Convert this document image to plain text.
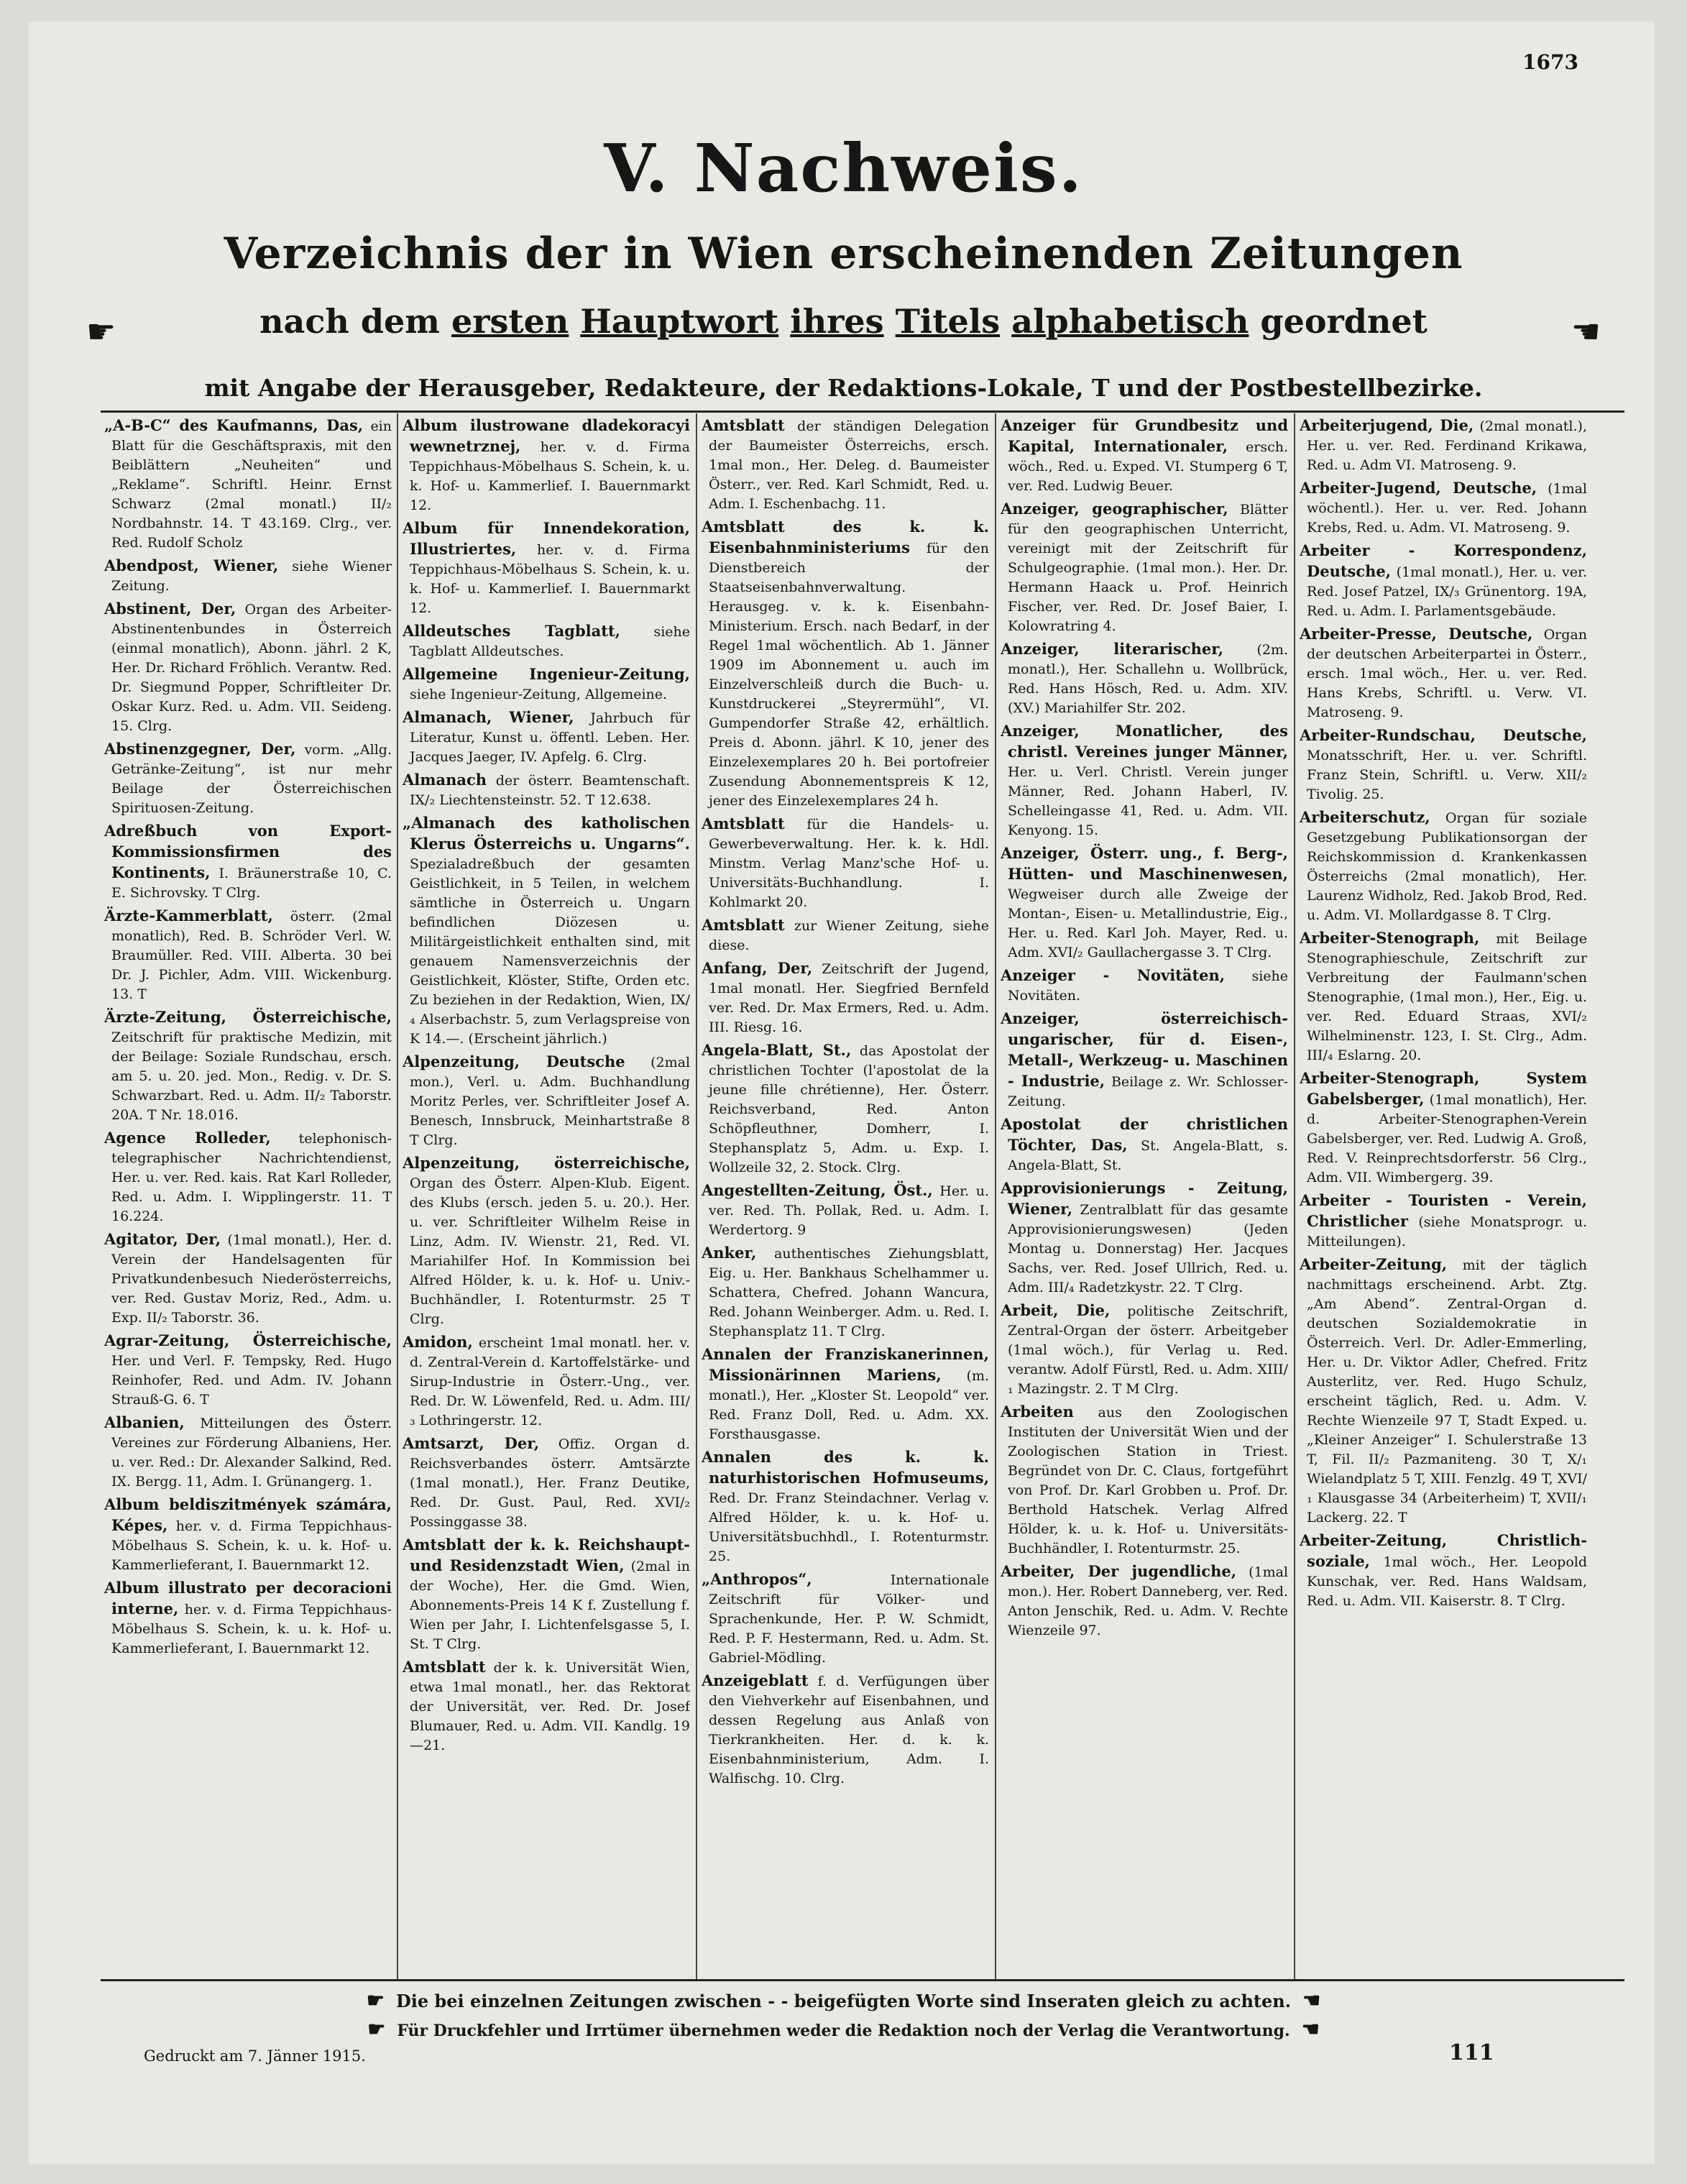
1673
V. Nachweis.
Verzeichnis der in Wien erscheinenden Zeitungen
☛	nach dem ersten Hauptwort ihres Titels alphabetisch geordnet	☚
mit Angabe der Herausgeber, Redakteure, der Redaktions-Lokale, T und der Postbestellbezirke.

„A-B-C“ des Kaufmanns, Das, ein Blatt für die Geschäftspraxis, mit den Beiblättern „Neuheiten“ und „Reklame“. Schriftl. Heinr. Ernst Schwarz (2mal monatl.) II/₂ Nordbahnstr. 14. T 43.169. Clrg., ver. Red. Rudolf Scholz

Abendpost, Wiener, siehe Wiener Zeitung.

Abstinent, Der, Organ des Arbeiter-Abstinentenbundes in Österreich (einmal monatlich), Abonn. jährl. 2 K, Her. Dr. Richard Fröhlich. Verantw. Red. Dr. Siegmund Popper, Schriftleiter Dr. Oskar Kurz. Red. u. Adm. VII. Seideng. 15. Clrg.

Abstinenzgegner, Der, vorm. „Allg. Getränke-Zeitung“, ist nur mehr Beilage der Österreichischen Spirituosen-Zeitung.

Adreßbuch von Export-Kommissionsfirmen des Kontinents, I. Bräunerstraße 10, C. E. Sichrovsky. T Clrg.

Ärzte-Kammerblatt, österr. (2mal monatlich), Red. B. Schröder Verl. W. Braumüller. Red. VIII. Alberta. 30 bei Dr. J. Pichler, Adm. VIII. Wickenburg. 13. T

Ärzte-Zeitung, Österreichische, Zeitschrift für praktische Medizin, mit der Beilage: Soziale Rundschau, ersch. am 5. u. 20. jed. Mon., Redig. v. Dr. S. Schwarzbart. Red. u. Adm. II/₂ Taborstr. 20A. T Nr. 18.016.

Agence Rolleder, telephonisch-telegraphischer Nachrichtendienst, Her. u. ver. Red. kais. Rat Karl Rolleder, Red. u. Adm. I. Wipplingerstr. 11. T 16.224.

Agitator, Der, (1mal monatl.), Her. d. Verein der Handelsagenten für Privatkundenbesuch Niederösterreichs, ver. Red. Gustav Moriz, Red., Adm. u. Exp. II/₂ Taborstr. 36.

Agrar-Zeitung, Österreichische, Her. und Verl. F. Tempsky, Red. Hugo Reinhofer, Red. und Adm. IV. Johann Strauß-G. 6. T

Albanien, Mitteilungen des Österr. Vereines zur Förderung Albaniens, Her. u. ver. Red.: Dr. Alexander Salkind, Red. IX. Bergg. 11, Adm. I. Grünangerg. 1.

Album beldiszitmények számára, Képes, her. v. d. Firma Teppichhaus-Möbelhaus S. Schein, k. u. k. Hof- u. Kammerlieferant, I. Bauernmarkt 12.

Album illustrato per decoracioni interne, her. v. d. Firma Teppichhaus-Möbelhaus S. Schein, k. u. k. Hof- u. Kammerlieferant, I. Bauernmarkt 12.

Album ilustrowane dladekoracyi wewnetrznej, her. v. d. Firma Teppichhaus-Möbelhaus S. Schein, k. u. k. Hof- u. Kammerlief. I. Bauernmarkt 12.

Album für Innendekoration, Illustriertes, her. v. d. Firma Teppichhaus-Möbelhaus S. Schein, k. u. k. Hof- u. Kammerlief. I. Bauernmarkt 12.

Alldeutsches Tagblatt, siehe Tagblatt Alldeutsches.

Allgemeine Ingenieur-Zeitung, siehe Ingenieur-Zeitung, Allgemeine.

Almanach, Wiener, Jahrbuch für Literatur, Kunst u. öffentl. Leben. Her. Jacques Jaeger, IV. Apfelg. 6. Clrg.

Almanach der österr. Beamtenschaft. IX/₂ Liechtensteinstr. 52. T 12.638.

„Almanach des katholischen Klerus Österreichs u. Ungarns“. Spezialadreßbuch der gesamten Geistlichkeit, in 5 Teilen, in welchem sämtliche in Österreich u. Ungarn befindlichen Diözesen u. Militärgeistlichkeit enthalten sind, mit genauem Namensverzeichnis der Geistlichkeit, Klöster, Stifte, Orden etc. Zu beziehen in der Redaktion, Wien, IX/₄ Alserbachstr. 5, zum Verlagspreise von K 14.—. (Erscheint jährlich.)

Alpenzeitung, Deutsche (2mal mon.), Verl. u. Adm. Buchhandlung Moritz Perles, ver. Schriftleiter Josef A. Benesch, Innsbruck, Meinhartstraße 8 T Clrg.

Alpenzeitung, österreichische, Organ des Österr. Alpen-Klub. Eigent. des Klubs (ersch. jeden 5. u. 20.). Her. u. ver. Schriftleiter Wilhelm Reise in Linz, Adm. IV. Wienstr. 21, Red. VI. Mariahilfer Hof. In Kommission bei Alfred Hölder, k. u. k. Hof- u. Univ.-Buchhändler, I. Rotenturmstr. 25 T Clrg.

Amidon, erscheint 1mal monatl. her. v. d. Zentral-Verein d. Kartoffelstärke- und Sirup-Industrie in Österr.-Ung., ver. Red. Dr. W. Löwenfeld, Red. u. Adm. III/₃ Lothringerstr. 12.

Amtsarzt, Der, Offiz. Organ d. Reichsverbandes österr. Amtsärzte (1mal monatl.), Her. Franz Deutike, Red. Dr. Gust. Paul, Red. XVI/₂ Possinggasse 38.

Amtsblatt der k. k. Reichshaupt- und Residenzstadt Wien, (2mal in der Woche), Her. die Gmd. Wien, Abonnements-Preis 14 K f. Zustellung f. Wien per Jahr, I. Lichtenfelsgasse 5, I. St. T Clrg.

Amtsblatt der k. k. Universität Wien, etwa 1mal monatl., her. das Rektorat der Universität, ver. Red. Dr. Josef Blumauer, Red. u. Adm. VII. Kandlg. 19—21.

Amtsblatt der ständigen Delegation der Baumeister Österreichs, ersch. 1mal mon., Her. Deleg. d. Baumeister Österr., ver. Red. Karl Schmidt, Red. u. Adm. I. Eschenbachg. 11.

Amtsblatt des k. k. Eisenbahnministeriums für den Dienstbereich der Staatseisenbahnverwaltung. Herausgeg. v. k. k. Eisenbahn-Ministerium. Ersch. nach Bedarf, in der Regel 1mal wöchentlich. Ab 1. Jänner 1909 im Abonnement u. auch im Einzelverschleiß durch die Buch- u. Kunstdruckerei „Steyrermühl“, VI. Gumpendorfer Straße 42, erhältlich. Preis d. Abonn. jährl. K 10, jener des Einzelexemplares 20 h. Bei portofreier Zusendung Abonnementspreis K 12, jener des Einzelexemplares 24 h.

Amtsblatt für die Handels- u. Gewerbeverwaltung. Her. k. k. Hdl. Minstm. Verlag Manz'sche Hof- u. Universitäts-Buchhandlung. I. Kohlmarkt 20.

Amtsblatt zur Wiener Zeitung, siehe diese.

Anfang, Der, Zeitschrift der Jugend, 1mal monatl. Her. Siegfried Bernfeld ver. Red. Dr. Max Ermers, Red. u. Adm. III. Riesg. 16.

Angela-Blatt, St., das Apostolat der christlichen Tochter (l'apostolat de la jeune fille chrétienne), Her. Österr. Reichsverband, Red. Anton Schöpfleuthner, Domherr, I. Stephansplatz 5, Adm. u. Exp. I. Wollzeile 32, 2. Stock. Clrg.

Angestellten-Zeitung, Öst., Her. u. ver. Red. Th. Pollak, Red. u. Adm. I. Werdertorg. 9

Anker, authentisches Ziehungsblatt, Eig. u. Her. Bankhaus Schelhammer u. Schattera, Chefred. Johann Wancura, Red. Johann Weinberger. Adm. u. Red. I. Stephansplatz 11. T Clrg.

Annalen der Franziskanerinnen, Missionärinnen Mariens, (m. monatl.), Her. „Kloster St. Leopold“ ver. Red. Franz Doll, Red. u. Adm. XX. Forsthausgasse.

Annalen des k. k. naturhistorischen Hofmuseums, Red. Dr. Franz Steindachner. Verlag v. Alfred Hölder, k. u. k. Hof- u. Universitätsbuchhdl., I. Rotenturmstr. 25.

„Anthropos“,	Internationale Zeitschrift für Völker- und Sprachenkunde, Her. P. W. Schmidt, Red. P. F. Hestermann, Red. u. Adm. St. Gabriel-Mödling.

Anzeigeblatt f. d. Verfügungen über den Viehverkehr auf Eisenbahnen, und dessen Regelung aus Anlaß von Tierkrankheiten. Her. d. k. k. Eisenbahnministerium, Adm. I. Walfischg. 10. Clrg.

Anzeiger für Grundbesitz und Kapital, Internationaler, ersch. wöch., Red. u. Exped. VI. Stumperg 6 T, ver. Red. Ludwig Beuer.

Anzeiger, geographischer, Blätter für den geographischen Unterricht, vereinigt mit der Zeitschrift für Schulgeographie. (1mal mon.). Her. Dr. Hermann Haack u. Prof. Heinrich Fischer, ver. Red. Dr. Josef Baier, I. Kolowratring 4.

Anzeiger, literarischer, (2m. monatl.), Her. Schallehn u. Wollbrück, Red. Hans Hösch, Red. u. Adm. XIV. (XV.) Mariahilfer Str. 202.

Anzeiger, Monatlicher, des christl. Vereines junger Männer, Her. u. Verl. Christl. Verein junger Männer, Red. Johann Haberl, IV. Schelleingasse 41, Red. u. Adm. VII. Kenyong. 15.

Anzeiger, Österr. ung., f. Berg-, Hütten- und Maschinenwesen, Wegweiser durch alle Zweige der Montan-, Eisen- u. Metallindustrie, Eig., Her. u. Red. Karl Joh. Mayer, Red. u. Adm. XVI/₂ Gaullachergasse 3. T Clrg.

Anzeiger - Novitäten, siehe Novitäten.

Anzeiger, österreichisch-ungarischer, für d. Eisen-, Metall-, Werkzeug- u. Maschinen - Industrie, Beilage z. Wr. Schlosser-Zeitung.

Apostolat der christlichen Töchter, Das, St. Angela-Blatt, s. Angela-Blatt, St.

Approvisionierungs - Zeitung, Wiener, Zentralblatt für das gesamte Approvisionierungswesen) (Jeden Montag u. Donnerstag) Her. Jacques Sachs, ver. Red. Josef Ullrich, Red. u. Adm. III/₄ Radetzkystr. 22. T Clrg.

Arbeit, Die, politische Zeitschrift, Zentral-Organ der österr. Arbeitgeber (1mal wöch.), für Verlag u. Red. verantw. Adolf Fürstl, Red. u. Adm. XIII/₁ Mazingstr. 2. T M Clrg.

Arbeiten aus den Zoologischen Instituten der Universität Wien und der Zoologischen Station in Triest. Begründet von Dr. C. Claus, fortgeführt von Prof. Dr. Karl Grobben u. Prof. Dr. Berthold Hatschek. Verlag Alfred Hölder, k. u. k. Hof- u. Universitäts-Buchhändler, I. Rotenturmstr. 25.

Arbeiter, Der jugendliche, (1mal mon.). Her. Robert Danneberg, ver. Red. Anton Jenschik, Red. u. Adm. V. Rechte Wienzeile 97.

Arbeiterjugend, Die, (2mal monatl.), Her. u. ver. Red. Ferdinand Krikawa, Red. u. Adm VI. Matroseng. 9.

Arbeiter-Jugend, Deutsche, (1mal wöchentl.). Her. u. ver. Red. Johann Krebs, Red. u. Adm. VI. Matroseng. 9.

Arbeiter - Korrespondenz, Deutsche, (1mal monatl.), Her. u. ver. Red. Josef Patzel, IX/₃ Grünentorg. 19A, Red. u. Adm. I. Parlamentsgebäude.

Arbeiter-Presse, Deutsche, Organ der deutschen Arbeiterpartei in Österr., ersch. 1mal wöch., Her. u. ver. Red. Hans Krebs, Schriftl. u. Verw. VI. Matroseng. 9.

Arbeiter-Rundschau, Deutsche, Monatsschrift, Her. u. ver. Schriftl. Franz Stein, Schriftl. u. Verw. XII/₂ Tivolig. 25.

Arbeiterschutz, Organ für soziale Gesetzgebung Publikationsorgan der Reichskommission d. Krankenkassen Österreichs (2mal monatlich), Her. Laurenz Widholz, Red. Jakob Brod, Red. u. Adm. VI. Mollardgasse 8. T Clrg.

Arbeiter-Stenograph, mit Beilage Stenographieschule, Zeitschrift zur Verbreitung der Faulmann'schen Stenographie, (1mal mon.), Her., Eig. u. ver. Red. Eduard Straas, XVI/₂ Wilhelminenstr. 123, I. St. Clrg., Adm. III/₄ Eslarng. 20.

Arbeiter-Stenograph, System Gabelsberger, (1mal monatlich), Her. d. Arbeiter-Stenographen-Verein Gabelsberger, ver. Red. Ludwig A. Groß, Red. V. Reinprechtsdorferstr. 56 Clrg., Adm. VII. Wimbergerg. 39.

Arbeiter - Touristen - Verein, Christlicher (siehe Monatsprogr. u. Mitteilungen).

Arbeiter-Zeitung, mit der täglich nachmittags erscheinend. Arbt. Ztg. „Am Abend“. Zentral-Organ d. deutschen Sozialdemokratie in Österreich. Verl. Dr. Adler-Emmerling, Her. u. Dr. Viktor Adler, Chefred. Fritz Austerlitz, ver. Red. Hugo Schulz, erscheint täglich, Red. u. Adm. V. Rechte Wienzeile 97 T, Stadt Exped. u. „Kleiner Anzeiger“ I. Schulerstraße 13 T, Fil. II/₂ Pazmaniteng. 30 T, X/₁ Wielandplatz 5 T, XIII. Fenzlg. 49 T, XVI/₁ Klausgasse 34 (Arbeiterheim) T, XVII/₁ Lackerg. 22. T

Arbeiter-Zeitung, Christlich-soziale, 1mal wöch., Her. Leopold Kunschak, ver. Red. Hans Waldsam, Red. u. Adm. VII. Kaiserstr. 8. T Clrg.

☛ Die bei einzelnen Zeitungen zwischen - - beigefügten Worte sind Inseraten gleich zu achten. ☚
☛ Für Druckfehler und Irrtümer übernehmen weder die Redaktion noch der Verlag die Verantwortung. ☚
Gedruckt am 7. Jänner 1915.	111
